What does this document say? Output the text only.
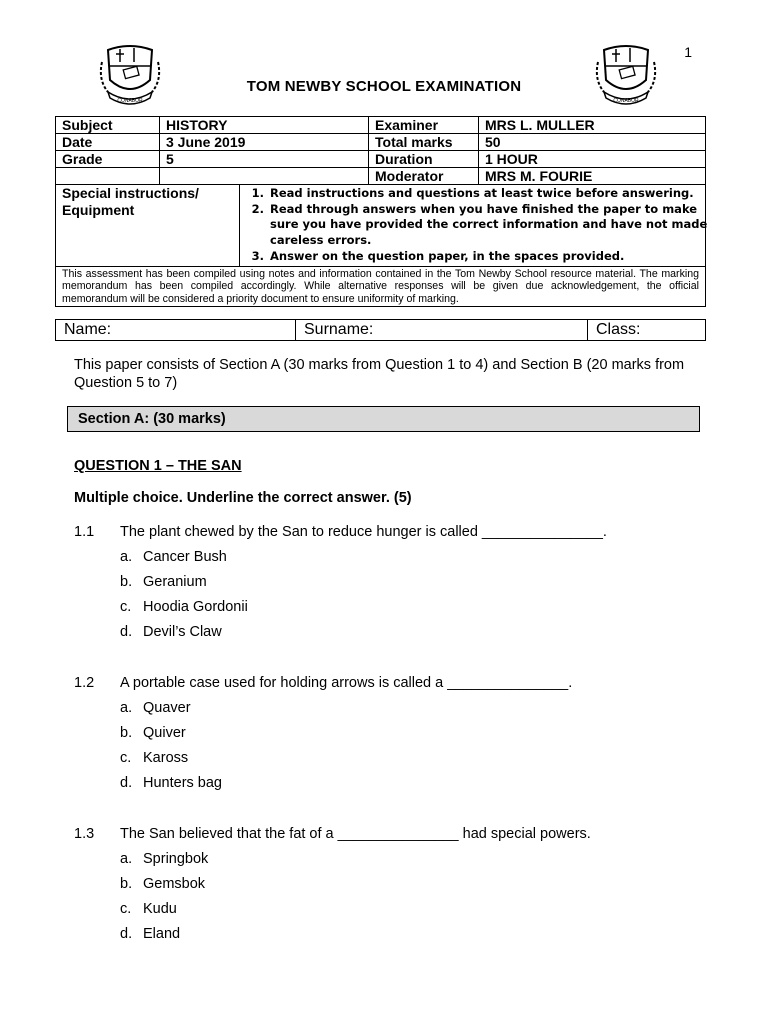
1
CONABOR	CONABOR
TOM NEWBY SCHOOL EXAMINATION
Subject	HISTORY	Examiner	MRS L. MULLER
Date	3 June 2019	Total marks	50
Grade	5	Duration	1 HOUR
		Moderator	MRS M. FOURIE
Special instructions/ Equipment
1. Read instructions and questions at least twice before answering.
2. Read through answers when you have finished the paper to make sure you have provided the correct information and have not made careless errors.
3. Answer on the question paper, in the spaces provided.
This assessment has been compiled using notes and information contained in the Tom Newby School resource material. The marking memorandum has been compiled accordingly. While alternative responses will be given due acknowledgement, the official memorandum will be considered a priority document to ensure uniformity of marking.
Name:	Surname:	Class:
This paper consists of Section A (30 marks from Question 1 to 4) and Section B (20 marks from Question 5 to 7)
Section A: (30 marks)
QUESTION 1 – THE SAN
Multiple choice. Underline the correct answer. (5)
1.1 The plant chewed by the San to reduce hunger is called _______________.
a. Cancer Bush
b. Geranium
c. Hoodia Gordonii
d. Devil’s Claw
1.2 A portable case used for holding arrows is called a _______________.
a. Quaver
b. Quiver
c. Kaross
d. Hunters bag
1.3 The San believed that the fat of a _______________ had special powers.
a. Springbok
b. Gemsbok
c. Kudu
d. Eland
